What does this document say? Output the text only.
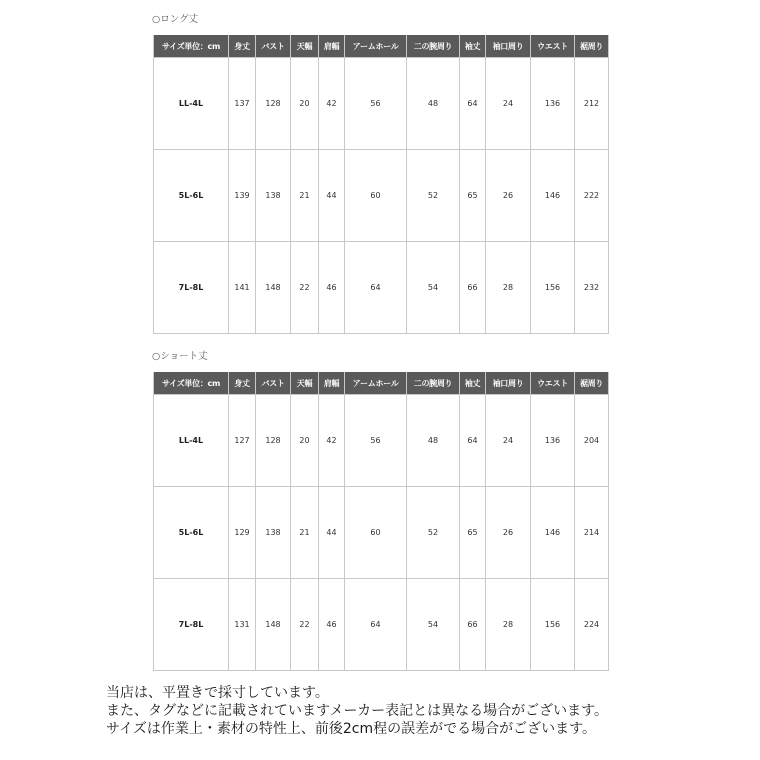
○ロング丈
サイズ単位：cm	身丈	バスト	天幅	肩幅	アームホール	二の腕周り	袖丈	袖口周り	ウエスト	裾周り
LL-4L	137	128	20	42	56	48	64	24	136	212
5L-6L	139	138	21	44	60	52	65	26	146	222
7L-8L	141	148	22	46	64	54	66	28	156	232
○ショート丈
サイズ単位：cm	身丈	バスト	天幅	肩幅	アームホール	二の腕周り	袖丈	袖口周り	ウエスト	裾周り
LL-4L	127	128	20	42	56	48	64	24	136	204
5L-6L	129	138	21	44	60	52	65	26	146	214
7L-8L	131	148	22	46	64	54	66	28	156	224
当店は、平置きで採寸しています。
また、タグなどに記載されていますメーカー表記とは異なる場合がございます。
サイズは作業上・素材の特性上、前後2cm程の誤差がでる場合がございます。
